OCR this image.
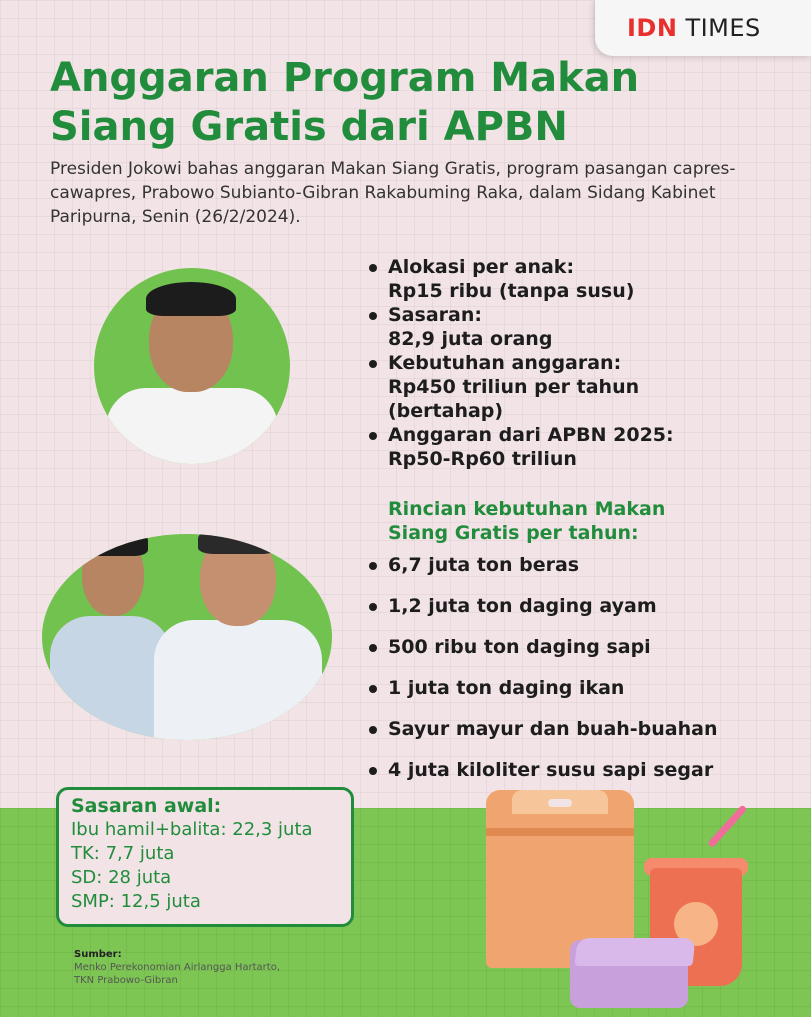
IDN TIMES
Anggaran Program Makan Siang Gratis dari APBN

Presiden Jokowi bahas anggaran Makan Siang Gratis, program pasangan capres-cawapres, Prabowo Subianto-Gibran Rakabuming Raka, dalam Sidang Kabinet Paripurna, Senin (26/2/2024).

Alokasi per anak:
Rp15 ribu (tanpa susu)
Sasaran:
82,9 juta orang
Kebutuhan anggaran:
Rp450 triliun per tahun
(bertahap)
Anggaran dari APBN 2025:
Rp50-Rp60 triliun

Rincian kebutuhan Makan Siang Gratis per tahun:

6,7 juta ton beras
1,2 juta ton daging ayam
500 ribu ton daging sapi
1 juta ton daging ikan
Sayur mayur dan buah-buahan
4 juta kiloliter susu sapi segar

Sasaran awal:

Ibu hamil+balita: 22,3 juta

TK: 7,7 juta

SD: 28 juta

SMP: 12,5 juta

Sumber:
Menko Perekonomian Airlangga Hartarto,
TKN Prabowo-Gibran
